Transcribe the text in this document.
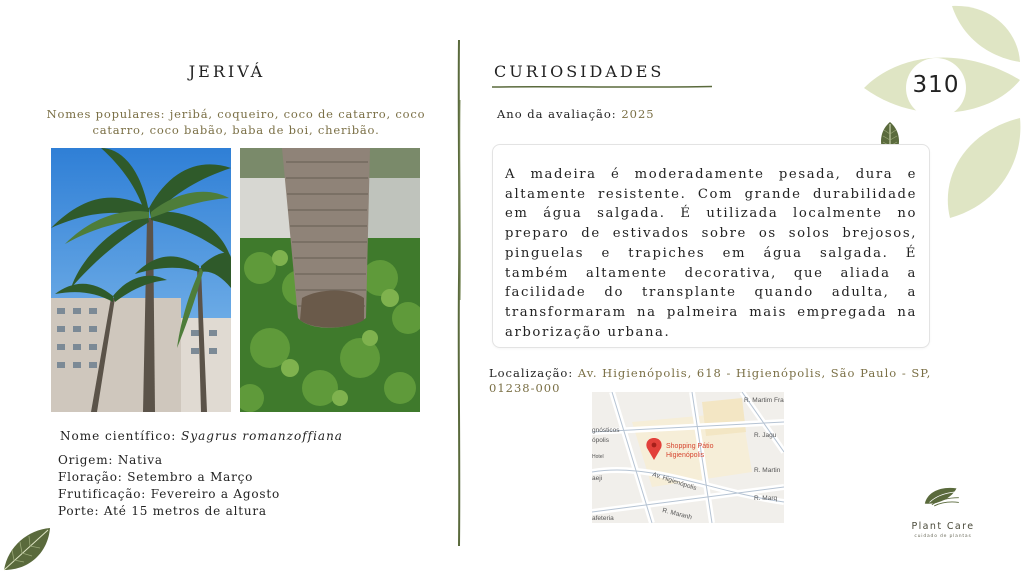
310
JERIVÁ
Nomes populares: jeribá, coqueiro, coco de catarro, coco catarro, coco babão, baba de boi, cheribão.
Nome científico: Syagrus romanzoffiana
Origem: Nativa
Floração: Setembro a Março
Frutificação: Fevereiro a Agosto
Porte: Até 15 metros de altura
CURIOSIDADES
Ano da avaliação: 2025

A madeira é moderadamente pesada, dura e altamente resistente. Com grande durabilidade em água salgada. É utilizada localmente no preparo de estivados sobre os solos brejosos, pinguelas e trapiches em água salgada. É também altamente decorativa, que aliada a facilidade do transplante quando adulta, a transformaram na palmeira mais empregada na arborização urbana.

Localização: Av. Higienópolis, 618 - Higienópolis, São Paulo - SP, 01238-000
R. Martim Fra
R. Jagu
R. Martin
Av. Higienópolis
R. Marq
R. Maranh
gnósticos
ópolis
Hotel
aeji
afeteria
Shopping Pátio
Higienópolis
Plant Care
cuidado de plantas
